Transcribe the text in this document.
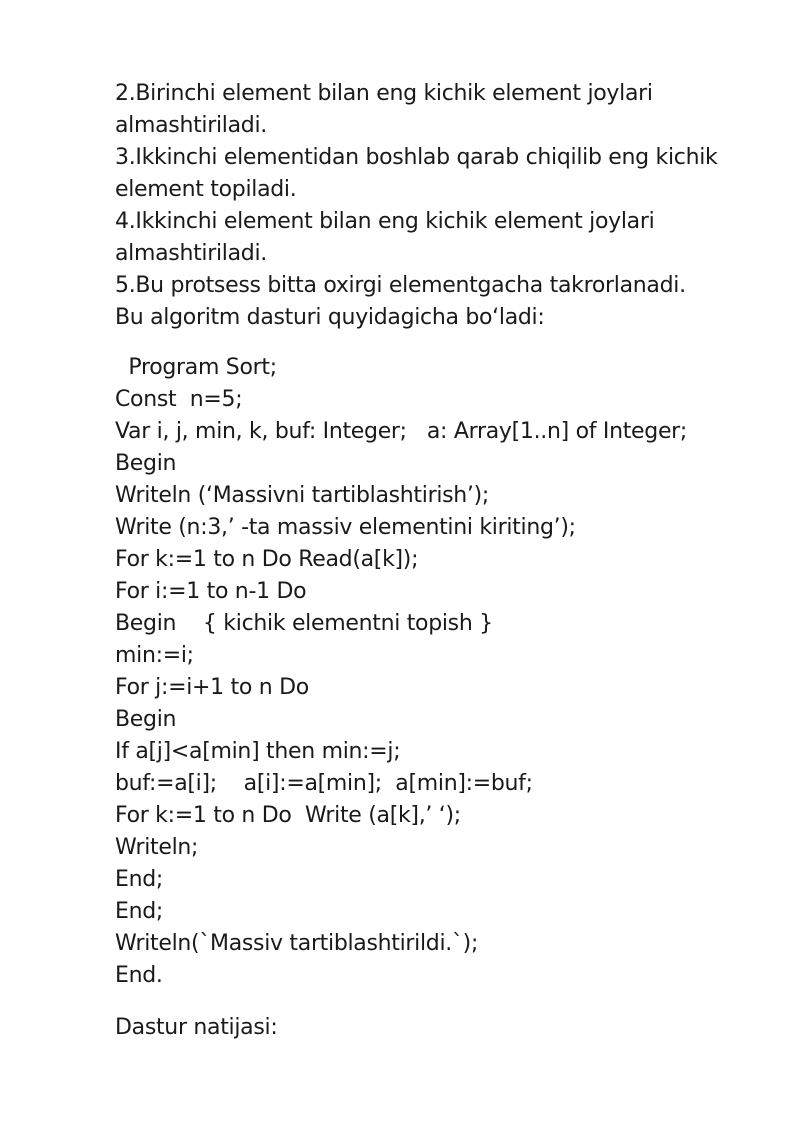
2.Birinchi element bilan eng kichik element joylari
almashtiriladi.
3.Ikkinchi elementidan boshlab qarab chiqilib eng kichik
element topiladi.
4.Ikkinchi element bilan eng kichik element joylari
almashtiriladi.
5.Bu protsess bitta oxirgi elementgacha takrorlanadi.
Bu algoritm dasturi quyidagicha bo‘ladi:
Program Sort;
Const  n=5;
Var i, j, min, k, buf: Integer;   a: Array[1..n] of Integer;
Begin
Writeln (‘Massivni tartiblashtirish’);
Write (n:3,’ -ta massiv elementini kiriting’);
For k:=1 to n Do Read(a[k]);
For i:=1 to n-1 Do
Begin    { kichik elementni topish }
min:=i;
For j:=i+1 to n Do
Begin
If a[j]<a[min] then min:=j;
buf:=a[i];    a[i]:=a[min];  a[min]:=buf;
For k:=1 to n Do  Write (a[k],’ ‘);
Writeln;
End;
End;
Writeln(`Massiv tartiblashtirildi.`);
End.
Dastur natijasi:
